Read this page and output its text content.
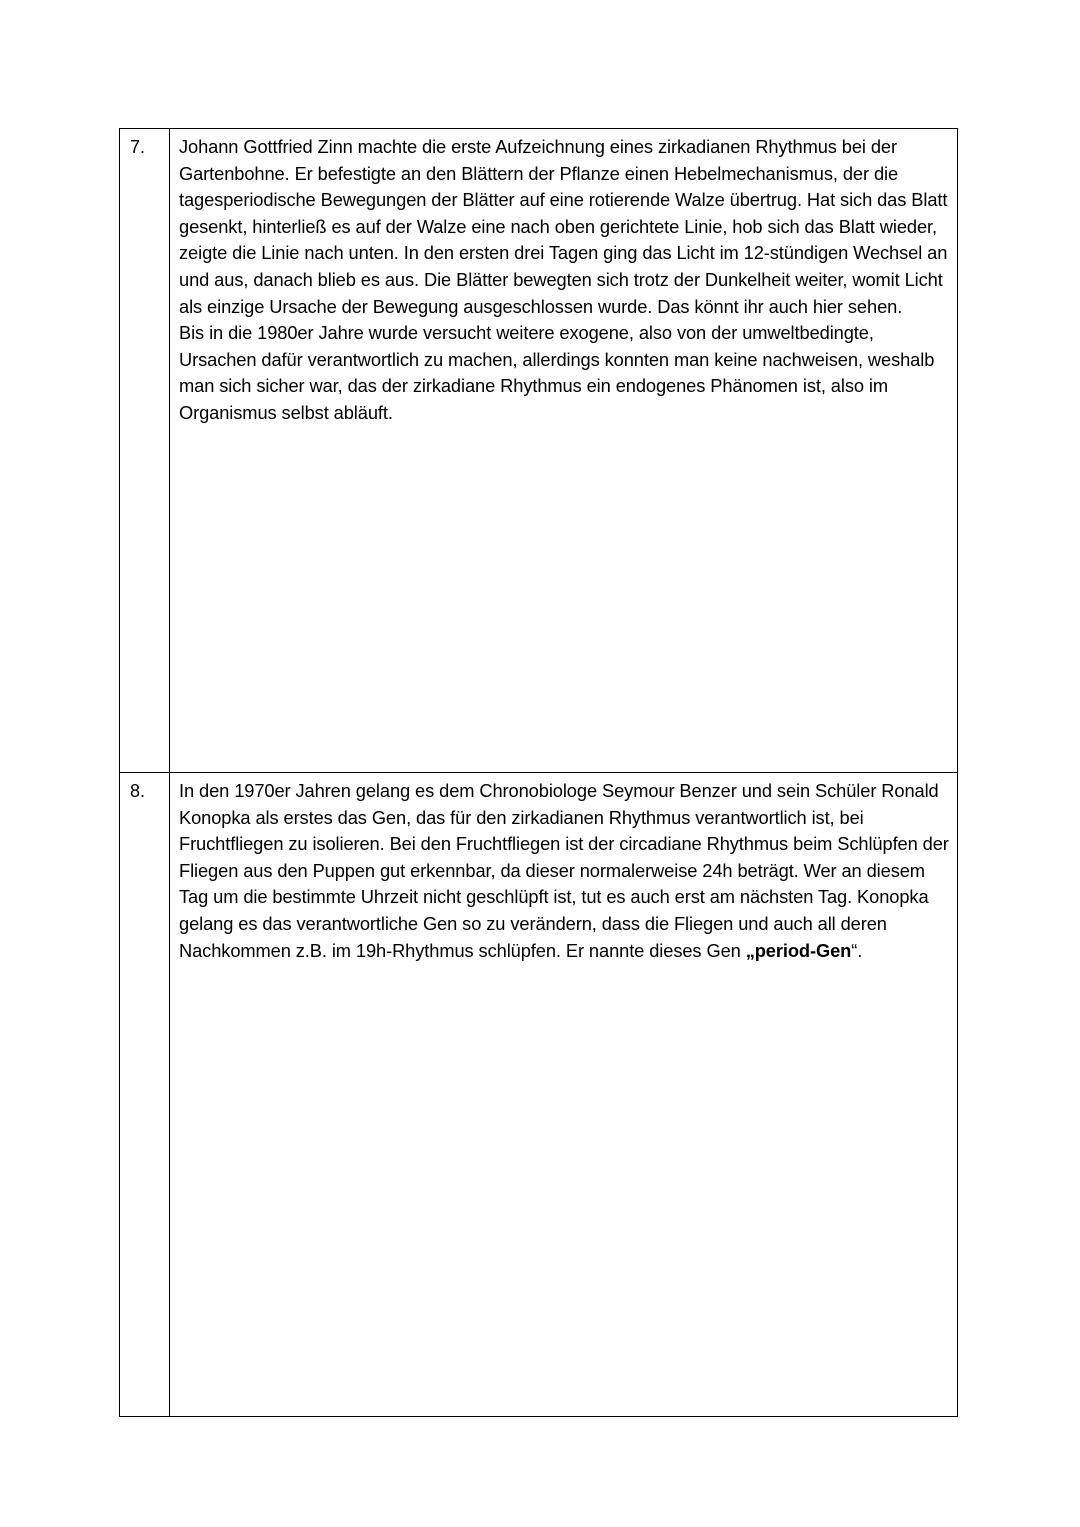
7.	Johann Gottfried Zinn machte die erste Aufzeichnung eines zirkadianen Rhythmus bei der Gartenbohne. Er befestigte an den Blättern der Pflanze einen Hebelmechanismus, der die tagesperiodische Bewegungen der Blätter auf eine rotierende Walze übertrug. Hat sich das Blatt gesenkt, hinterließ es auf der Walze eine nach oben gerichtete Linie, hob sich das Blatt wieder, zeigte die Linie nach unten. In den ersten drei Tagen ging das Licht im 12-stündigen Wechsel an und aus, danach blieb es aus. Die Blätter bewegten sich trotz der Dunkelheit weiter, womit Licht als einzige Ursache der Bewegung ausgeschlossen wurde. Das könnt ihr auch hier sehen.

Bis in die 1980er Jahre wurde versucht weitere exogene, also von der umweltbedingte, Ursachen dafür verantwortlich zu machen, allerdings konnten man keine nachweisen, weshalb man sich sicher war, das der zirkadiane Rhythmus ein endogenes Phänomen ist, also im Organismus selbst abläuft.

8.	In den 1970er Jahren gelang es dem Chronobiologe Seymour Benzer und sein Schüler Ronald Konopka als erstes das Gen, das für den zirkadianen Rhythmus verantwortlich ist, bei Fruchtfliegen zu isolieren. Bei den Fruchtfliegen ist der circadiane Rhythmus beim Schlüpfen der Fliegen aus den Puppen gut erkennbar, da dieser normalerweise 24h beträgt. Wer an diesem Tag um die bestimmte Uhrzeit nicht geschlüpft ist, tut es auch erst am nächsten Tag. Konopka gelang es das verantwortliche Gen so zu verändern, dass die Fliegen und auch all deren Nachkommen z.B. im 19h-Rhythmus schlüpfen. Er nannte dieses Gen „period-Gen“.
